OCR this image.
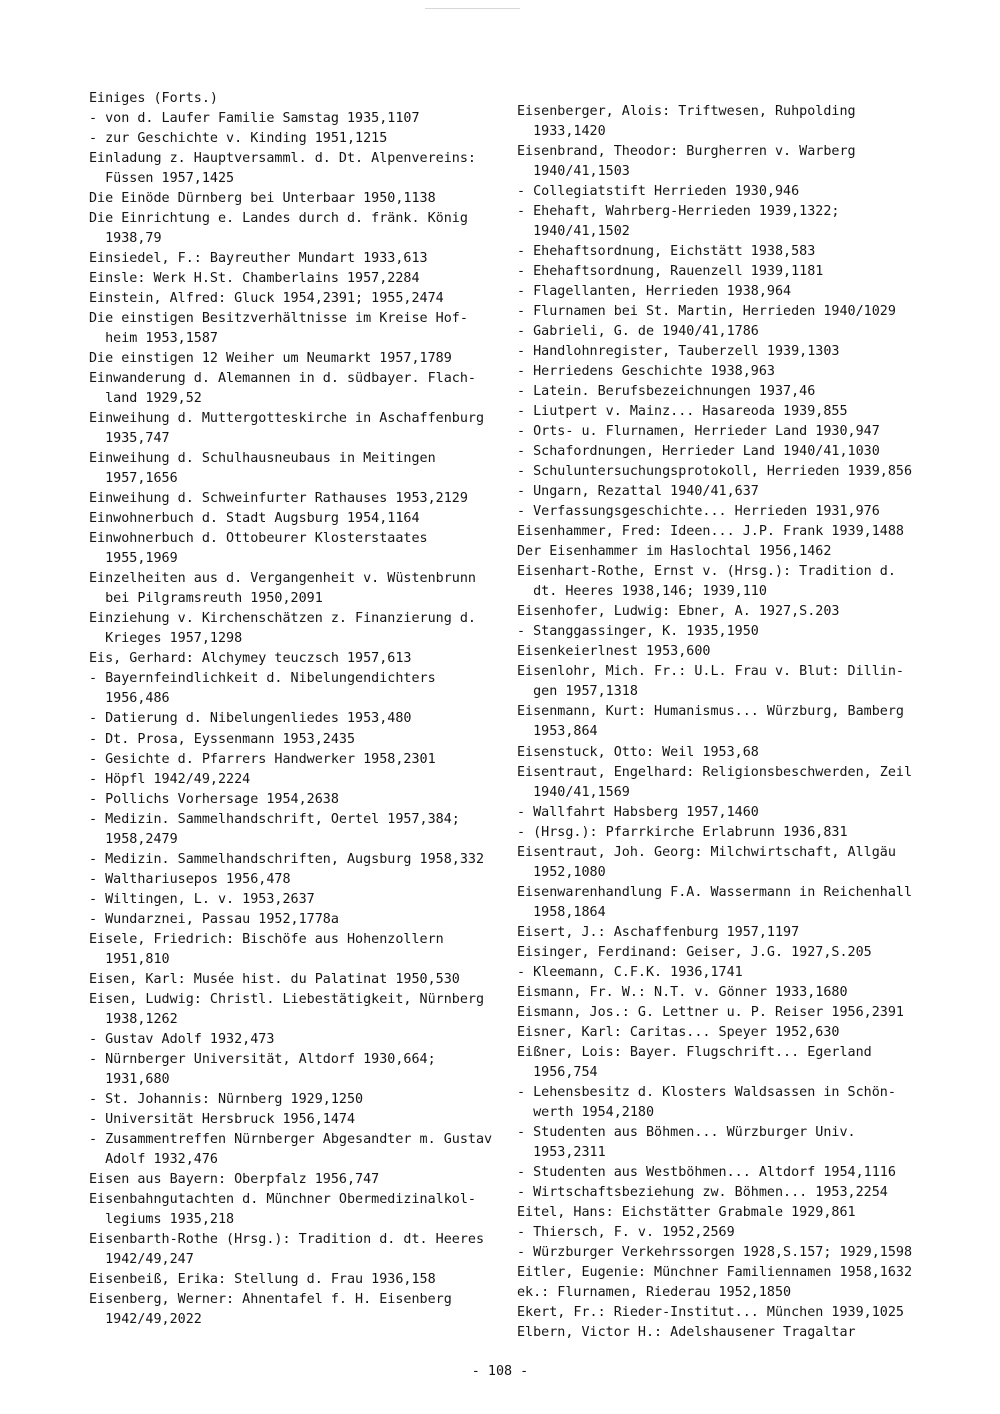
Einiges (Forts.)
- von d. Laufer Familie Samstag 1935,1107
- zur Geschichte v. Kinding 1951,1215
Einladung z. Hauptversamml. d. Dt. Alpenvereins:
Füssen 1957,1425
Die Einöde Dürnberg bei Unterbaar 1950,1138
Die Einrichtung e. Landes durch d. fränk. König
1938,79
Einsiedel, F.: Bayreuther Mundart 1933,613
Einsle: Werk H.St. Chamberlains 1957,2284
Einstein, Alfred: Gluck 1954,2391; 1955,2474
Die einstigen Besitzverhältnisse im Kreise Hof-
heim 1953,1587
Die einstigen 12 Weiher um Neumarkt 1957,1789
Einwanderung d. Alemannen in d. südbayer. Flach-
land 1929,52
Einweihung d. Muttergotteskirche in Aschaffenburg
1935,747
Einweihung d. Schulhausneubaus in Meitingen
1957,1656
Einweihung d. Schweinfurter Rathauses 1953,2129
Einwohnerbuch d. Stadt Augsburg 1954,1164
Einwohnerbuch d. Ottobeurer Klosterstaates
1955,1969
Einzelheiten aus d. Vergangenheit v. Wüstenbrunn
bei Pilgramsreuth 1950,2091
Einziehung v. Kirchenschätzen z. Finanzierung d.
Krieges 1957,1298
Eis, Gerhard: Alchymey teuczsch 1957,613
- Bayernfeindlichkeit d. Nibelungendichters
1956,486
- Datierung d. Nibelungenliedes 1953,480
- Dt. Prosa, Eyssenmann 1953,2435
- Gesichte d. Pfarrers Handwerker 1958,2301
- Höpfl 1942/49,2224
- Pollichs Vorhersage 1954,2638
- Medizin. Sammelhandschrift, Oertel 1957,384;
1958,2479
- Medizin. Sammelhandschriften, Augsburg 1958,332
- Walthariusepos 1956,478
- Wiltingen, L. v. 1953,2637
- Wundarznei, Passau 1952,1778a
Eisele, Friedrich: Bischöfe aus Hohenzollern
1951,810
Eisen, Karl: Musée hist. du Palatinat 1950,530
Eisen, Ludwig: Christl. Liebestätigkeit, Nürnberg
1938,1262
- Gustav Adolf 1932,473
- Nürnberger Universität, Altdorf 1930,664;
1931,680
- St. Johannis: Nürnberg 1929,1250
- Universität Hersbruck 1956,1474
- Zusammentreffen Nürnberger Abgesandter m. Gustav
Adolf 1932,476
Eisen aus Bayern: Oberpfalz 1956,747
Eisenbahngutachten d. Münchner Obermedizinalkol-
legiums 1935,218
Eisenbarth-Rothe (Hrsg.): Tradition d. dt. Heeres
1942/49,247
Eisenbeiß, Erika: Stellung d. Frau 1936,158
Eisenberg, Werner: Ahnentafel f. H. Eisenberg
1942/49,2022
Eisenberger, Alois: Triftwesen, Ruhpolding
1933,1420
Eisenbrand, Theodor: Burgherren v. Warberg
1940/41,1503
- Collegiatstift Herrieden 1930,946
- Ehehaft, Wahrberg-Herrieden 1939,1322;
1940/41,1502
- Ehehaftsordnung, Eichstätt 1938,583
- Ehehaftsordnung, Rauenzell 1939,1181
- Flagellanten, Herrieden 1938,964
- Flurnamen bei St. Martin, Herrieden 1940/1029
- Gabrieli, G. de 1940/41,1786
- Handlohnregister, Tauberzell 1939,1303
- Herriedens Geschichte 1938,963
- Latein. Berufsbezeichnungen 1937,46
- Liutpert v. Mainz... Hasareoda 1939,855
- Orts- u. Flurnamen, Herrieder Land 1930,947
- Schafordnungen, Herrieder Land 1940/41,1030
- Schuluntersuchungsprotokoll, Herrieden 1939,856
- Ungarn, Rezattal 1940/41,637
- Verfassungsgeschichte... Herrieden 1931,976
Eisenhammer, Fred: Ideen... J.P. Frank 1939,1488
Der Eisenhammer im Haslochtal 1956,1462
Eisenhart-Rothe, Ernst v. (Hrsg.): Tradition d.
dt. Heeres 1938,146; 1939,110
Eisenhofer, Ludwig: Ebner, A. 1927,S.203
- Stanggassinger, K. 1935,1950
Eisenkeierlnest 1953,600
Eisenlohr, Mich. Fr.: U.L. Frau v. Blut: Dillin-
gen 1957,1318
Eisenmann, Kurt: Humanismus... Würzburg, Bamberg
1953,864
Eisenstuck, Otto: Weil 1953,68
Eisentraut, Engelhard: Religionsbeschwerden, Zeil
1940/41,1569
- Wallfahrt Habsberg 1957,1460
- (Hrsg.): Pfarrkirche Erlabrunn 1936,831
Eisentraut, Joh. Georg: Milchwirtschaft, Allgäu
1952,1080
Eisenwarenhandlung F.A. Wassermann in Reichenhall
1958,1864
Eisert, J.: Aschaffenburg 1957,1197
Eisinger, Ferdinand: Geiser, J.G. 1927,S.205
- Kleemann, C.F.K. 1936,1741
Eismann, Fr. W.: N.T. v. Gönner 1933,1680
Eismann, Jos.: G. Lettner u. P. Reiser 1956,2391
Eisner, Karl: Caritas... Speyer 1952,630
Eißner, Lois: Bayer. Flugschrift... Egerland
1956,754
- Lehensbesitz d. Klosters Waldsassen in Schön-
werth 1954,2180
- Studenten aus Böhmen... Würzburger Univ.
1953,2311
- Studenten aus Westböhmen... Altdorf 1954,1116
- Wirtschaftsbeziehung zw. Böhmen... 1953,2254
Eitel, Hans: Eichstätter Grabmale 1929,861
- Thiersch, F. v. 1952,2569
- Würzburger Verkehrssorgen 1928,S.157; 1929,1598
Eitler, Eugenie: Münchner Familiennamen 1958,1632
ek.: Flurnamen, Riederau 1952,1850
Ekert, Fr.: Rieder-Institut... München 1939,1025
Elbern, Victor H.: Adelshausener Tragaltar
- 108 -
